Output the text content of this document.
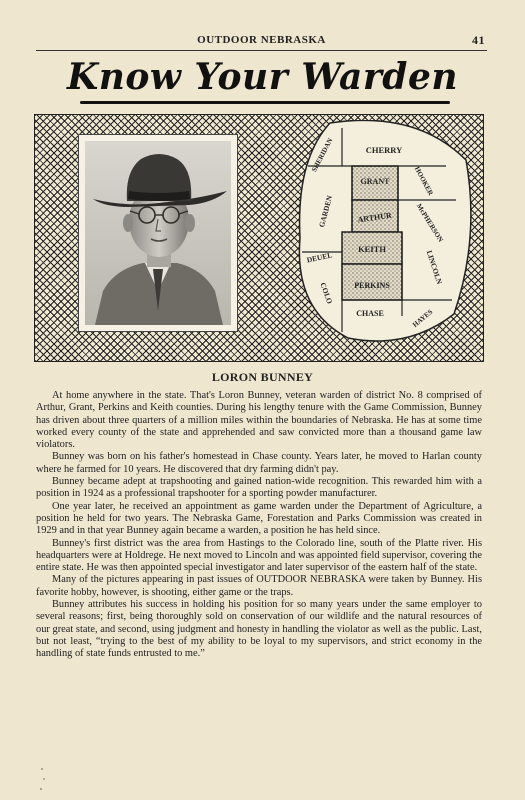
OUTDOOR NEBRASKA	41
Know Your Warden
PERKINS
KEITH
ARTHUR
GRANT
CHERRY
SHERIDAN
HOOKER
GARDEN	McPHERSON
LINCOLN
DEUEL
COLO
CHASE	HAYES
LORON BUNNEY

At home anywhere in the state. That's Loron Bunney, veteran warden of district No. 8 comprised of Arthur, Grant, Perkins and Keith counties. During his lengthy tenure with the Game Commission, Bunney has driven about three quarters of a million miles within the boundaries of Nebraska. He has at some time worked every county of the state and apprehended and saw convicted more than a thousand game law violators.

Bunney was born on his father's homestead in Chase county. Years later, he moved to Harlan county where he farmed for 10 years. He discovered that dry farming didn't pay.

Bunney became adept at trapshooting and gained nation-wide recognition. This rewarded him with a position in 1924 as a professional trapshooter for a sporting powder manufacturer.

One year later, he received an appointment as game warden under the Department of Agriculture, a position he held for two years. The Nebraska Game, Forestation and Parks Commission was created in 1929 and in that year Bunney again became a warden, a position he has held since.

Bunney's first district was the area from Hastings to the Colorado line, south of the Platte river. His headquarters were at Holdrege. He next moved to Lincoln and was appointed field supervisor, covering the entire state. He was then appointed special investigator and later supervisor of the eastern half of the state.

Many of the pictures appearing in past issues of OUTDOOR NEBRASKA were taken by Bunney. His favorite hobby, however, is shooting, either game or the traps.

Bunney attributes his success in holding his position for so many years under the same employer to several reasons; first, being thoroughly sold on conservation of our wildlife and the natural resources of our great state, and second, using judgment and honesty in handling the violator as well as the public. Last, but not least, “trying to the best of my ability to be loyal to my supervisors, and strict economy in the handling of state funds entrusted to me.”
